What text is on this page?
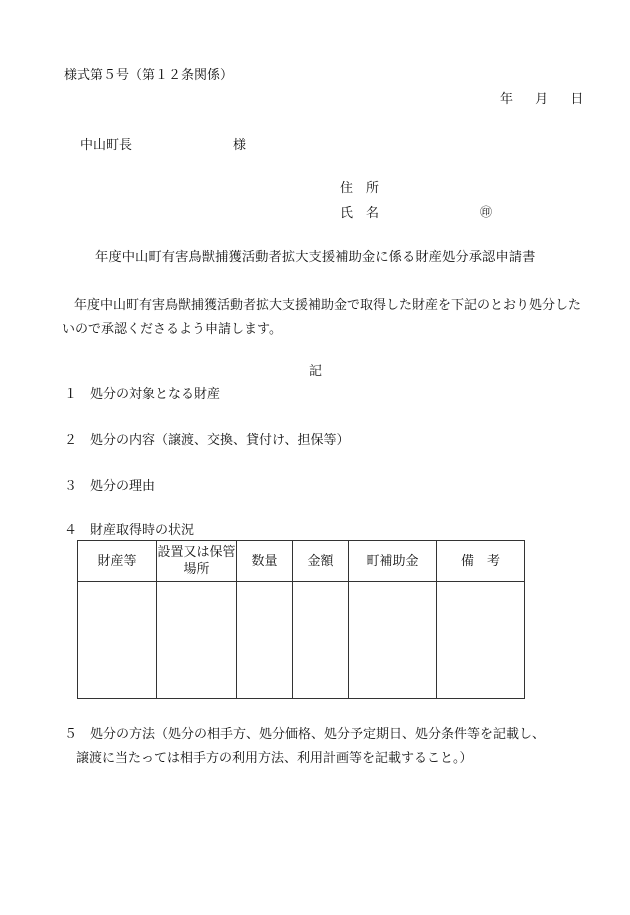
様式第５号（第１２条関係）
年 月 日
中山町長	様
住　所
氏　名	㊞
年度中山町有害鳥獣捕獲活動者拡大支援補助金に係る財産処分承認申請書
年度中山町有害鳥獣捕獲活動者拡大支援補助金で取得した財産を下記のとおり処分したいので承認くださるよう申請します。
記
１ 処分の対象となる財産
２ 処分の内容（譲渡、交換、貸付け、担保等）
３ 処分の理由
４ 財産取得時の状況
財産等	設置又は保管場所	数量	金額	町補助金	備　考

５ 処分の方法（処分の相手方、処分価格、処分予定期日、処分条件等を記載し、
譲渡に当たっては相手方の利用方法、利用計画等を記載すること。）
